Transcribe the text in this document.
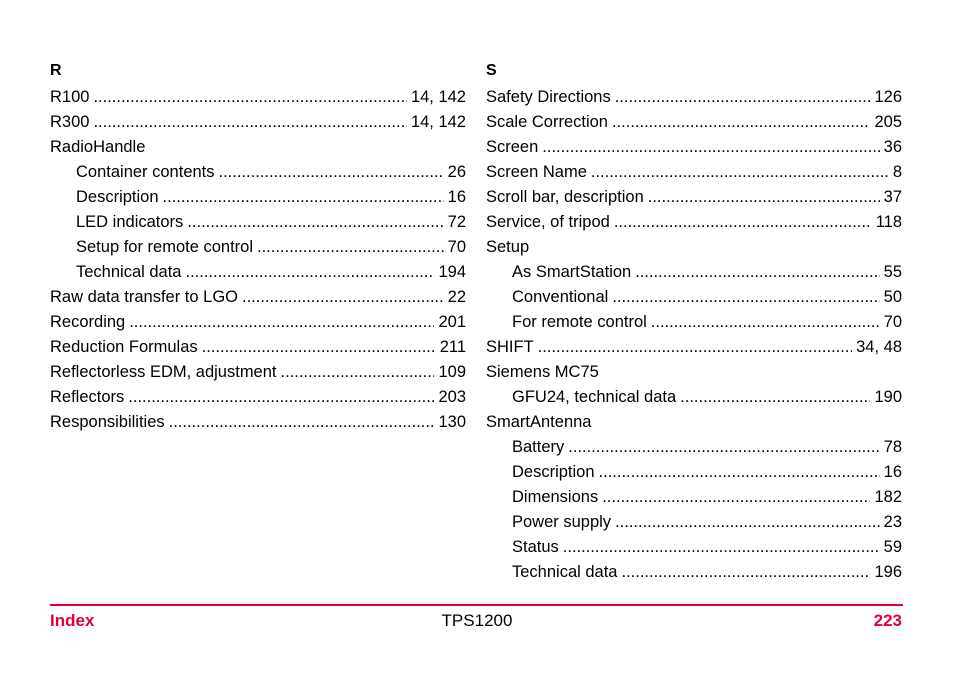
R
R100 .....	14, 142
R300 .....	14, 142
RadioHandle
Container contents .....	26
Description .....	16
LED indicators .....	72
Setup for remote control .....	70
Technical data .....	194
Raw data transfer to LGO .....	22
Recording .....	201
Reduction Formulas .....	211
Reflectorless EDM, adjustment .....	109
Reflectors .....	203
Responsibilities .....	130
S
Safety Directions .....	126
Scale Correction .....	205
Screen .....	36
Screen Name .....	8
Scroll bar, description .....	37
Service, of tripod .....	118
Setup
As SmartStation .....	55
Conventional .....	50
For remote control .....	70
SHIFT .....	34, 48
Siemens MC75
GFU24, technical data .....	190
SmartAntenna
Battery .....	78
Description .....	16
Dimensions .....	182
Power supply .....	23
Status .....	59
Technical data .....	196
Index	TPS1200	223
